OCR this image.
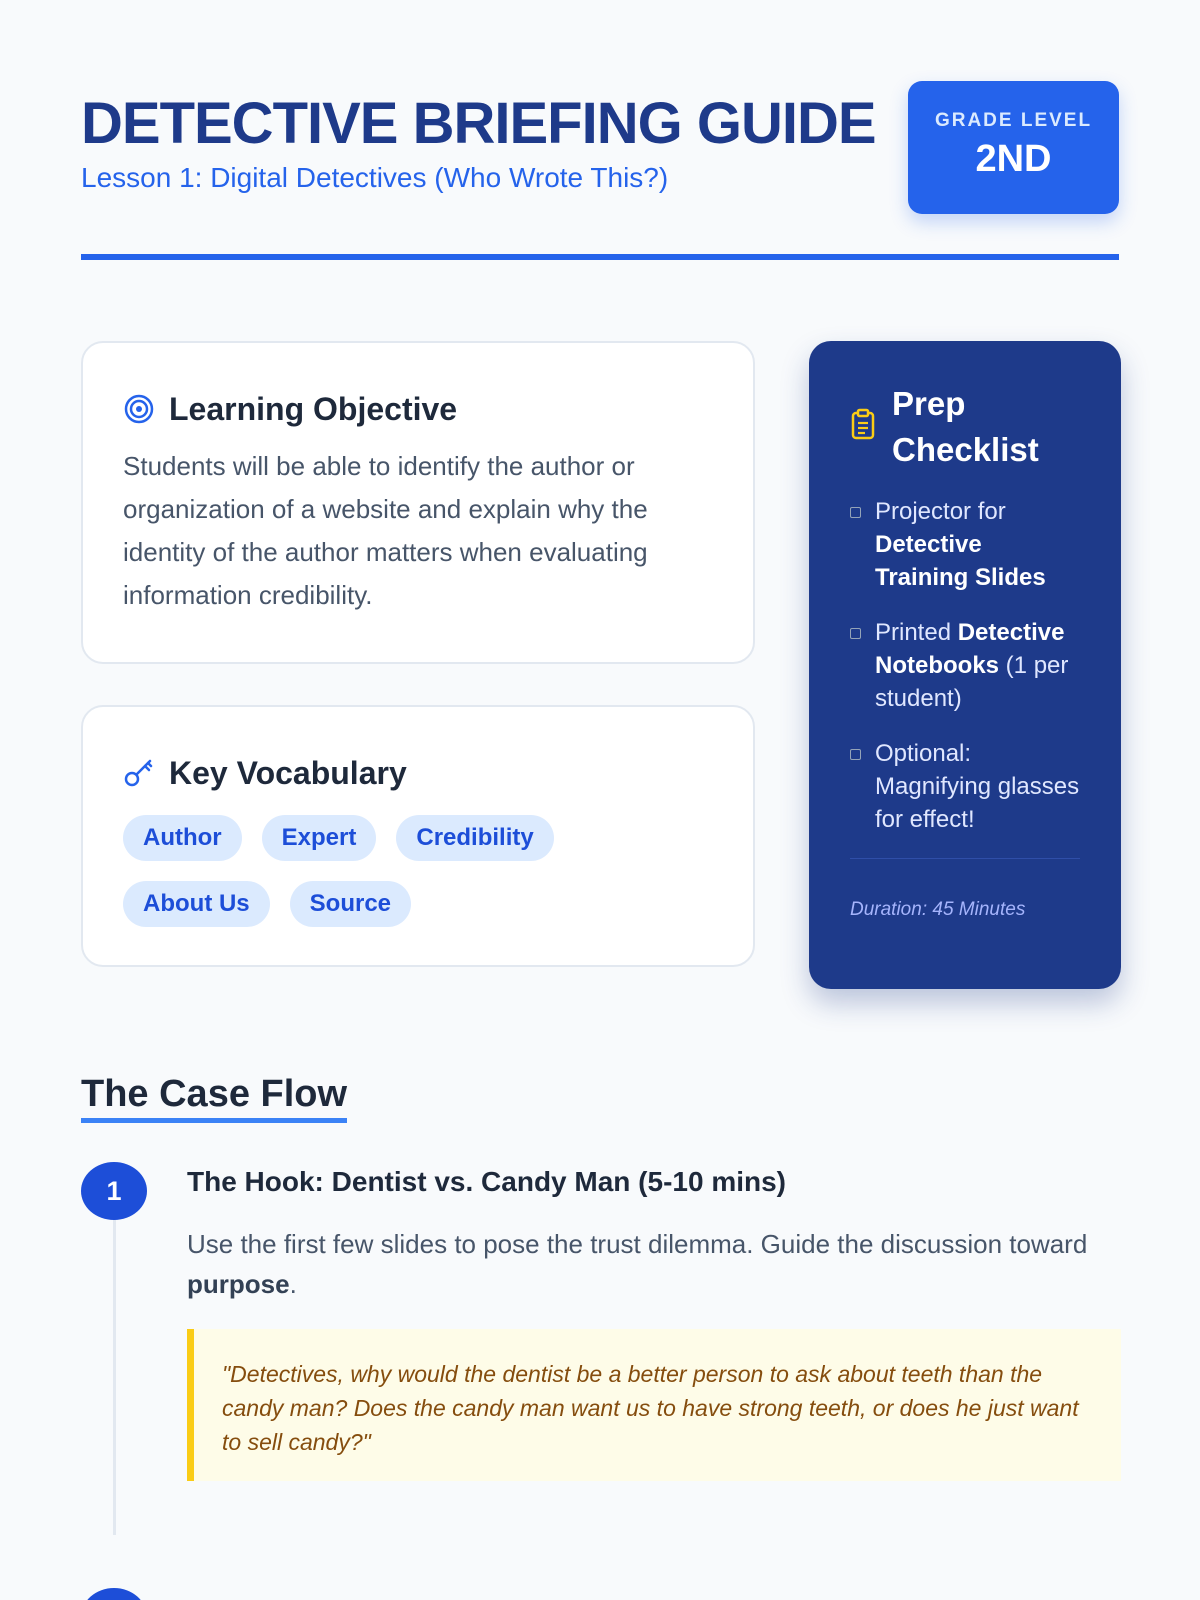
DETECTIVE BRIEFING GUIDE
Lesson 1: Digital Detectives (Who Wrote This?)
GRADE LEVEL
2ND
Learning Objective

Students will be able to identify the author or organization of a website and explain why the identity of the author matters when evaluating information credibility.

Key Vocabulary
Author	Expert	Credibility
About Us	Source
Prep Checklist
Projector for Detective Training Slides
Printed Detective Notebooks (1 per student)
Optional: Magnifying glasses for effect!
Duration: 45 Minutes
The Case Flow
1	The Hook: Dentist vs. Candy Man (5-10 mins)

Use the first few slides to pose the trust dilemma. Guide the discussion toward purpose.

"Detectives, why would the dentist be a better person to ask about teeth than the candy man? Does the candy man want us to have strong teeth, or does he just want to sell candy?"
